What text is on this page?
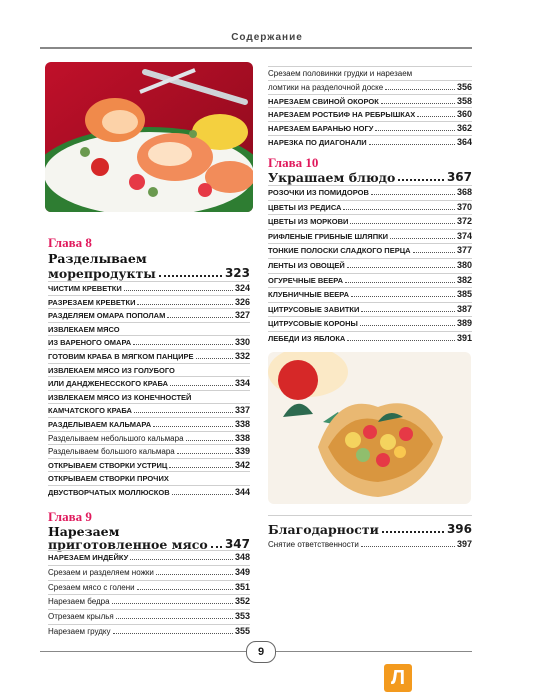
Содержание
Глава 8
Разделываем
морепродукты	323
ЧИСТИМ КРЕВЕТКИ	324
РАЗРЕЗАЕМ КРЕВЕТКИ	326
РАЗДЕЛЯЕМ ОМАРА ПОПОЛАМ	327
ИЗВЛЕКАЕМ МЯСО
ИЗ ВАРЕНОГО ОМАРА	330
ГОТОВИМ КРАБА В МЯГКОМ ПАНЦИРЕ	332
ИЗВЛЕКАЕМ МЯСО ИЗ ГОЛУБОГО
ИЛИ ДАНДЖЕНЕССКОГО КРАБА	334
ИЗВЛЕКАЕМ МЯСО ИЗ КОНЕЧНОСТЕЙ
КАМЧАТСКОГО КРАБА	337
РАЗДЕЛЫВАЕМ КАЛЬМАРА	338
Разделываем небольшого кальмара	338
Разделываем большого кальмара	339
ОТКРЫВАЕМ СТВОРКИ УСТРИЦ	342
ОТКРЫВАЕМ СТВОРКИ ПРОЧИХ
ДВУСТВОРЧАТЫХ МОЛЛЮСКОВ	344
Глава 9
Нарезаем
приготовленное мясо 347
НАРЕЗАЕМ ИНДЕЙКУ	348
Срезаем и разделяем ножки	349
Срезаем мясо с голени	351
Нарезаем бедра	352
Отрезаем крылья	353
Нарезаем грудку	355
Срезаем половинки грудки и нарезаем
ломтики на разделочной доске	356
НАРЕЗАЕМ СВИНОЙ ОКОРОК	358
НАРЕЗАЕМ РОСТБИФ НА РЕБРЫШКАХ	360
НАРЕЗАЕМ БАРАНЬЮ НОГУ	362
НАРЕЗКА ПО ДИАГОНАЛИ	364
Глава 10
Украшаем блюдо	367
РОЗОЧКИ ИЗ ПОМИДОРОВ	368
ЦВЕТЫ ИЗ РЕДИСА	370
ЦВЕТЫ ИЗ МОРКОВИ	372
РИФЛЕНЫЕ ГРИБНЫЕ ШЛЯПКИ	374
ТОНКИЕ ПОЛОСКИ СЛАДКОГО ПЕРЦА	377
ЛЕНТЫ ИЗ ОВОЩЕЙ	380
ОГУРЕЧНЫЕ ВЕЕРА	382
КЛУБНИЧНЫЕ ВЕЕРА	385
ЦИТРУСОВЫЕ ЗАВИТКИ	387
ЦИТРУСОВЫЕ КОРОНЫ	389
ЛЕБЕДИ ИЗ ЯБЛОКА	391
Благодарности	396
Снятие ответственности	397
9
Л
